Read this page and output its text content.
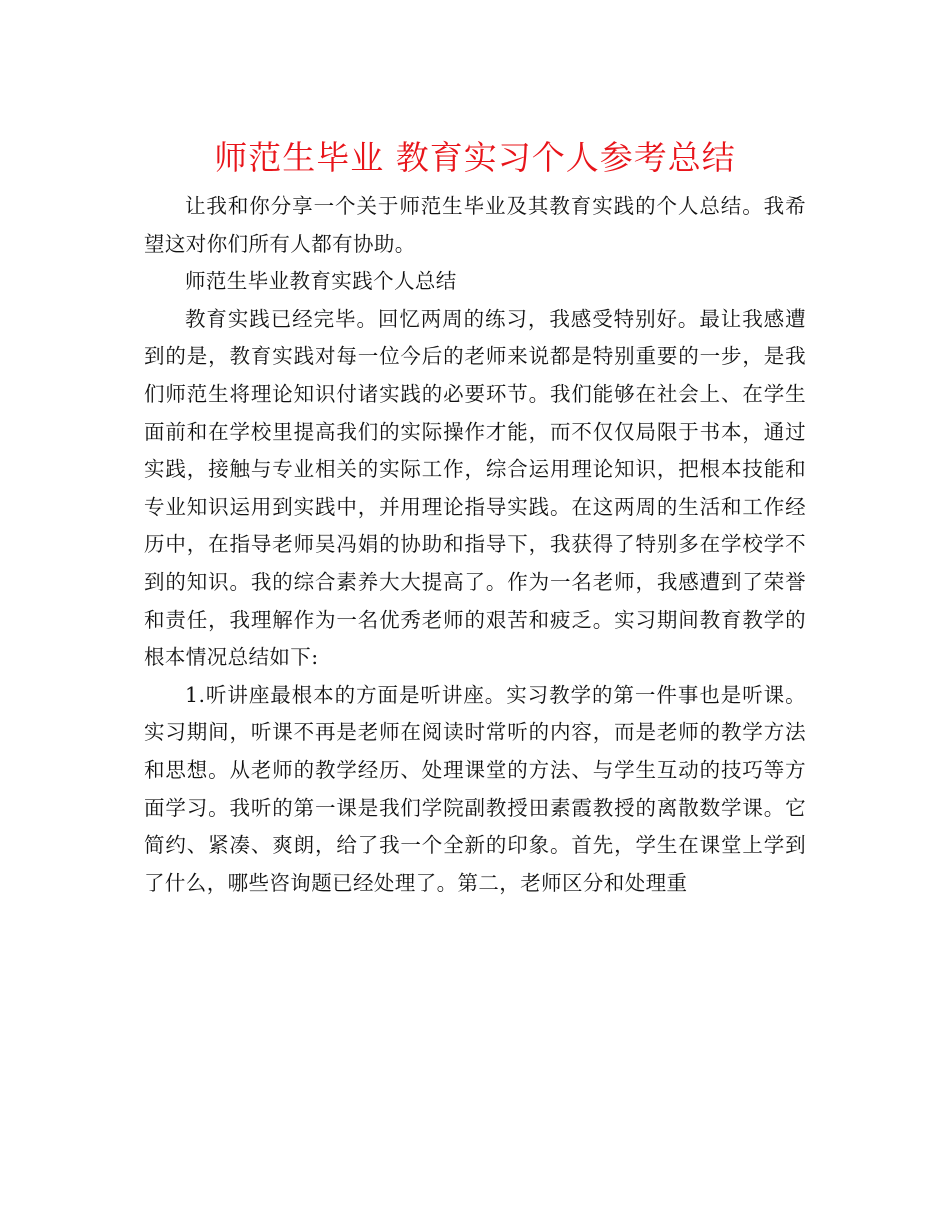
师范生毕业 教育实习个人参考总结

让我和你分享一个关于师范生毕业及其教育实践的个人总结。我希望这对你们所有人都有协助。

师范生毕业教育实践个人总结

教育实践已经完毕。回忆两周的练习，我感受特别好。最让我感遭到的是，教育实践对每一位今后的老师来说都是特别重要的一步，是我们师范生将理论知识付诸实践的必要环节。我们能够在社会上、在学生面前和在学校里提高我们的实际操作才能，而不仅仅局限于书本，通过实践，接触与专业相关的实际工作，综合运用理论知识，把根本技能和专业知识运用到实践中，并用理论指导实践。在这两周的生活和工作经历中，在指导老师吴冯娟的协助和指导下，我获得了特别多在学校学不到的知识。我的综合素养大大提高了。作为一名老师，我感遭到了荣誉和责任，我理解作为一名优秀老师的艰苦和疲乏。实习期间教育教学的根本情况总结如下:

1.听讲座最根本的方面是听讲座。实习教学的第一件事也是听课。实习期间，听课不再是老师在阅读时常听的内容，而是老师的教学方法和思想。从老师的教学经历、处理课堂的方法、与学生互动的技巧等方面学习。我听的第一课是我们学院副教授田素霞教授的离散数学课。它简约、紧凑、爽朗，给了我一个全新的印象。首先，学生在课堂上学到了什么，哪些咨询题已经处理了。第二，老师区分和处理重
